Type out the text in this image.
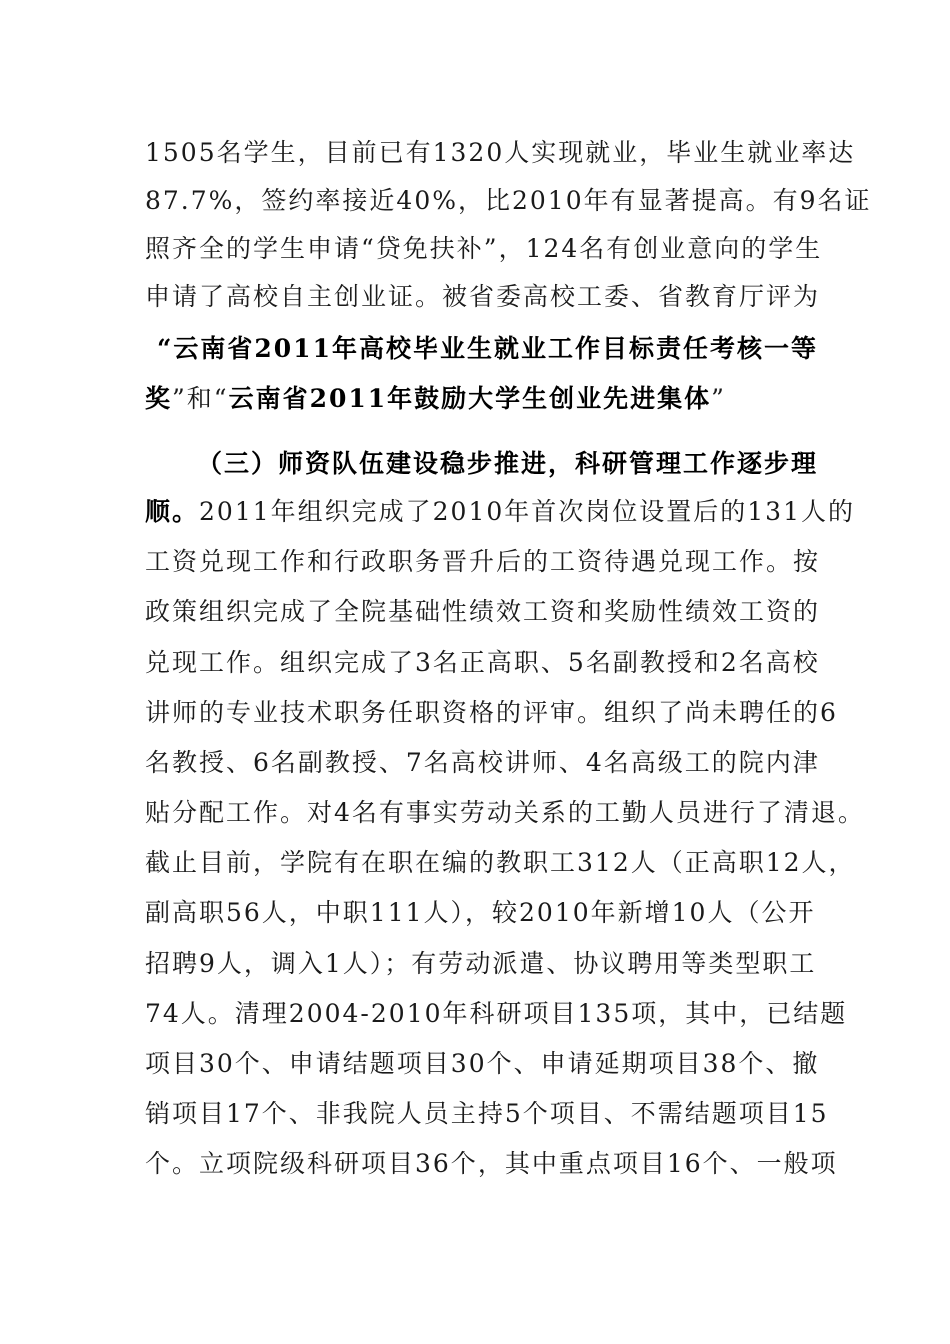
1505名学生，目前已有1320人实现就业，毕业生就业率达
87.7%，签约率接近40%，比2010年有显著提高。有9名证
照齐全的学生申请“贷免扶补”，124名有创业意向的学生
申请了高校自主创业证。被省委高校工委、省教育厅评为
“云南省2011年高校毕业生就业工作目标责任考核一等
奖”和“云南省2011年鼓励大学生创业先进集体”
（三）师资队伍建设稳步推进，科研管理工作逐步理
顺。2011年组织完成了2010年首次岗位设置后的131人的
工资兑现工作和行政职务晋升后的工资待遇兑现工作。按
政策组织完成了全院基础性绩效工资和奖励性绩效工资的
兑现工作。组织完成了3名正高职、5名副教授和2名高校
讲师的专业技术职务任职资格的评审。组织了尚未聘任的6
名教授、6名副教授、7名高校讲师、4名高级工的院内津
贴分配工作。对4名有事实劳动关系的工勤人员进行了清退。
截止目前，学院有在职在编的教职工312人（正高职12人，
副高职56人，中职111人），较2010年新增10人（公开
招聘9人，调入1人）；有劳动派遣、协议聘用等类型职工
74人。清理2004-2010年科研项目135项，其中，已结题
项目30个、申请结题项目30个、申请延期项目38个、撤
销项目17个、非我院人员主持5个项目、不需结题项目15
个。立项院级科研项目36个，其中重点项目16个、一般项
